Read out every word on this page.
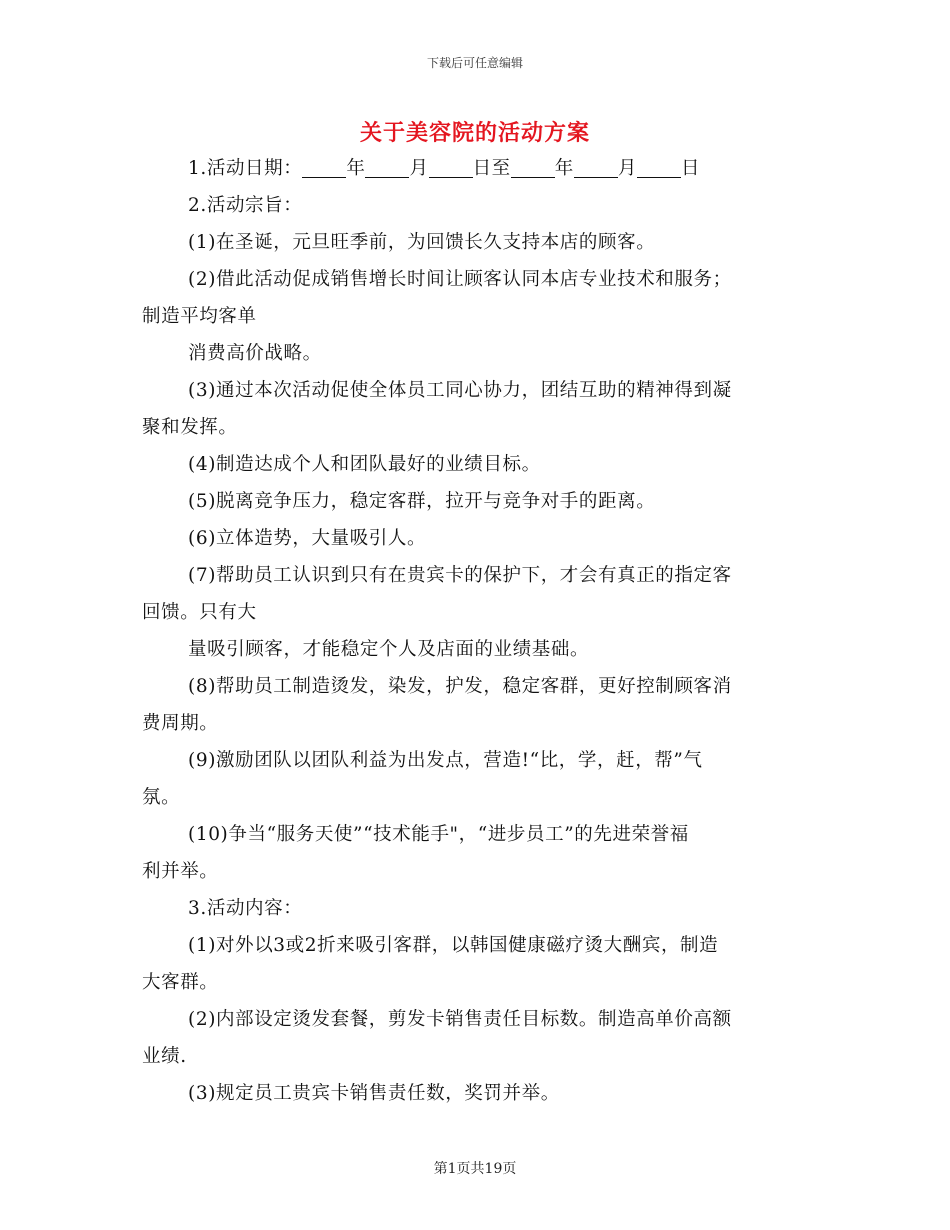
下载后可任意编辑
关于美容院的活动方案
1.活动日期： 年 月 日至 年 月 日
2.活动宗旨：
(1)在圣诞，元旦旺季前，为回馈长久支持本店的顾客。
(2)借此活动促成销售增长时间让顾客认同本店专业技术和服务；
制造平均客单
消费高价战略。
(3)通过本次活动促使全体员工同心协力，团结互助的精神得到凝
聚和发挥。
(4)制造达成个人和团队最好的业绩目标。
(5)脱离竞争压力，稳定客群，拉开与竞争对手的距离。
(6)立体造势，大量吸引人。
(7)帮助员工认识到只有在贵宾卡的保护下，才会有真正的指定客
回馈。只有大
量吸引顾客，才能稳定个人及店面的业绩基础。
(8)帮助员工制造烫发，染发，护发，稳定客群，更好控制顾客消
费周期。
(9)激励团队以团队利益为出发点，营造!“比，学，赶，帮”气
氛。
(10)争当“服务天使”“技术能手"，“进步员工”的先进荣誉福
利并举。
3.活动内容：
(1)对外以3或2折来吸引客群，以韩国健康磁疗烫大酬宾，制造
大客群。
(2)内部设定烫发套餐，剪发卡销售责任目标数。制造高单价高额
业绩.
(3)规定员工贵宾卡销售责任数，奖罚并举。
第1页共19页
